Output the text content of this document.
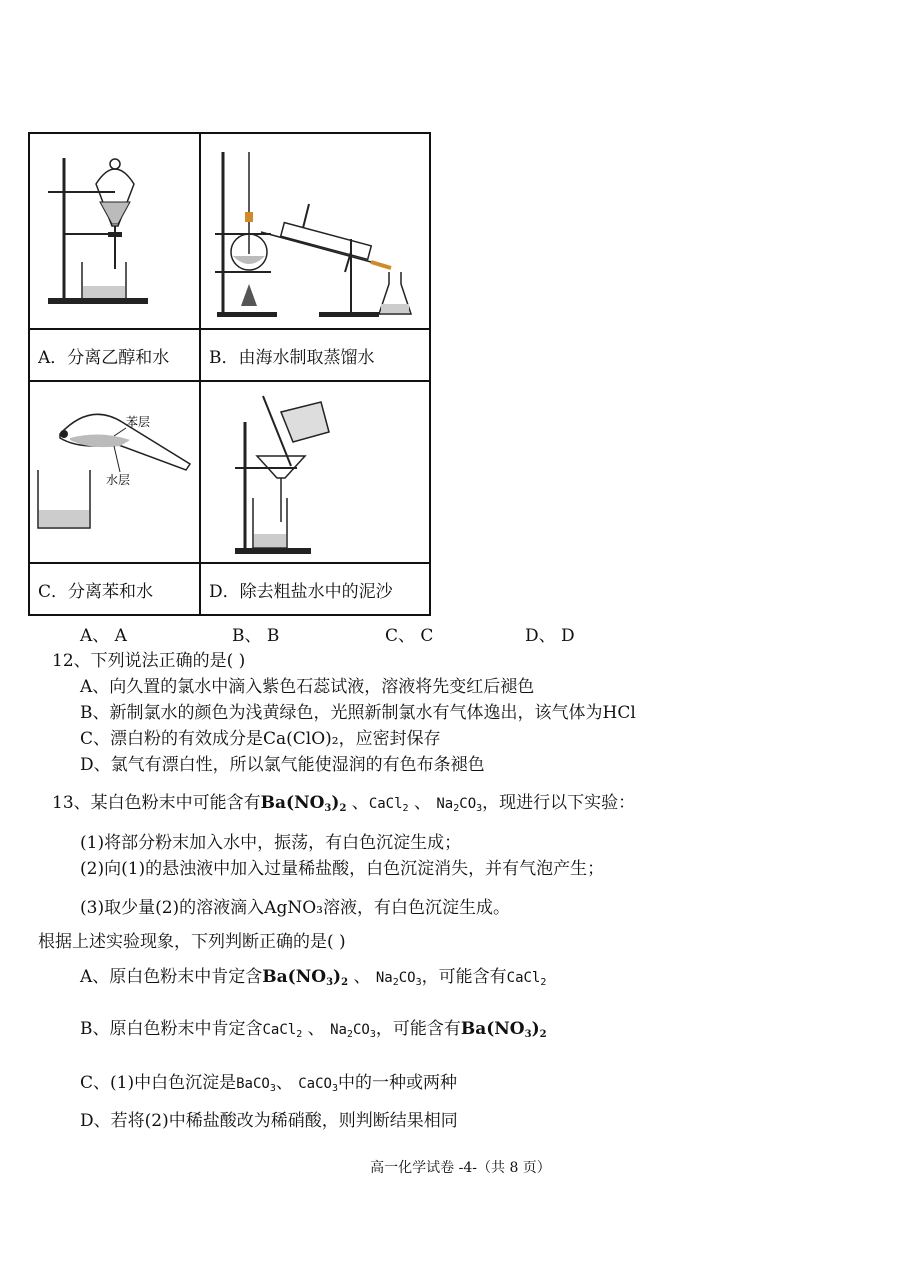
A．分离乙醇和水	B．由海水制取蒸馏水

苯层
水层

C．分离苯和水	D．除去粗盐水中的泥沙
A、 A	B、 B	C、 C	D、 D
12、下列说法正确的是( )
A、向久置的氯水中滴入紫色石蕊试液，溶液将先变红后褪色
B、新制氯水的颜色为浅黄绿色，光照新制氯水有气体逸出，该气体为HCl
C、漂白粉的有效成分是Ca(ClO)₂，应密封保存
D、氯气有漂白性，所以氯气能使湿润的有色布条褪色
13、某白色粉末中可能含有$Ba(NO_3)_2$ 、CaCl$_2$ 、 $Na_2CO_3$，现进行以下实验：
(1)将部分粉末加入水中，振荡，有白色沉淀生成；
(2)向(1)的悬浊液中加入过量稀盐酸，白色沉淀消失，并有气泡产生；
(3)取少量(2)的溶液滴入AgNO₃溶液，有白色沉淀生成。
根据上述实验现象，下列判断正确的是( )
A、原白色粉末中肯定含$Ba(NO_3)_2$ 、 $Na_2CO_3$，可能含有CaCl$_2$
B、原白色粉末中肯定含CaCl$_2$ 、 $Na_2CO_3$，可能含有$Ba(NO_3)_2$
C、(1)中白色沉淀是BaCO$_3$、 CaCO$_3$中的一种或两种
D、若将(2)中稀盐酸改为稀硝酸，则判断结果相同
高一化学试卷 -4-（共 8 页）
